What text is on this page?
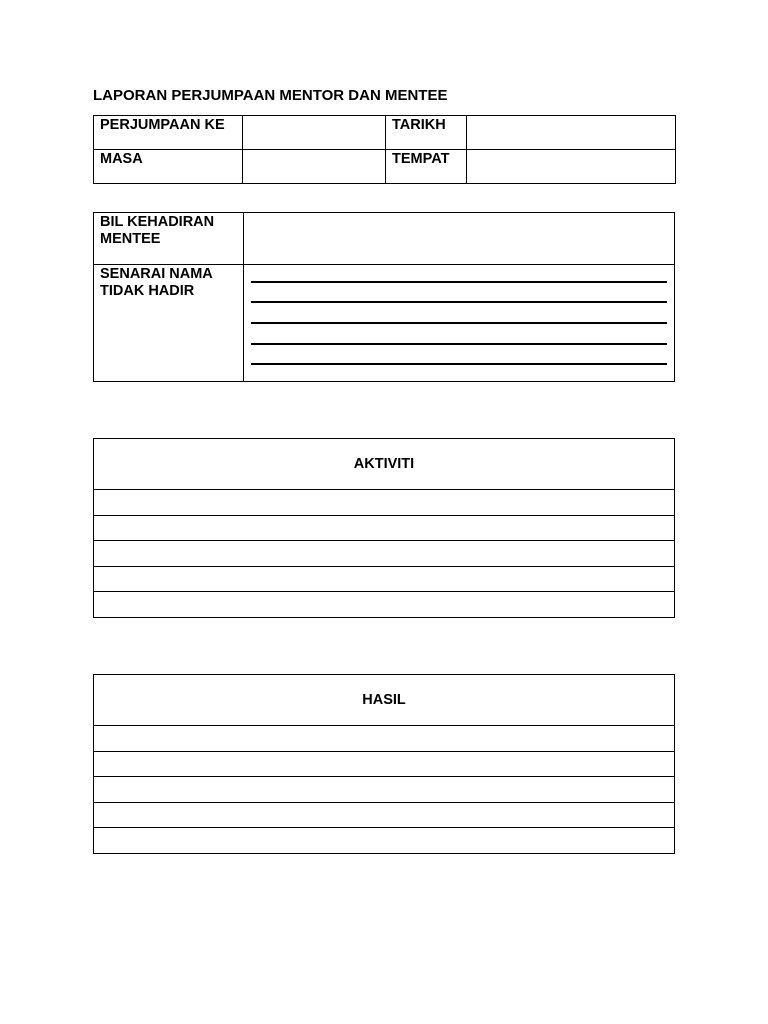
LAPORAN PERJUMPAAN MENTOR DAN MENTEE
PERJUMPAAN KE		TARIKH	

MASA		TEMPAT	

BIL KEHADIRAN
MENTEE	

SENARAI NAMA
TIDAK HADIR	

AKTIVITI

HASIL
